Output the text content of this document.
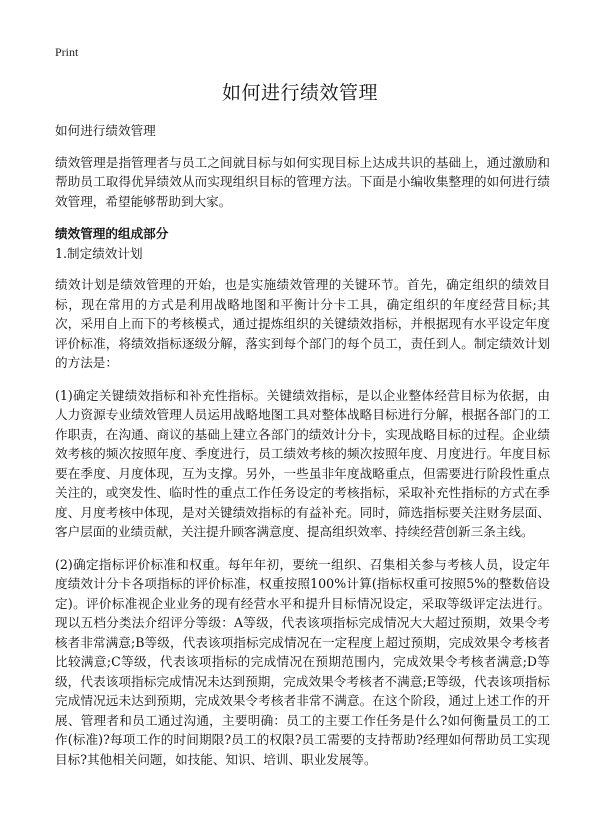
Print
如何进行绩效管理

如何进行绩效管理

绩效管理是指管理者与员工之间就目标与如何实现目标上达成共识的基础上，通过激励和帮助员工取得优异绩效从而实现组织目标的管理方法。下面是小编收集整理的如何进行绩效管理，希望能够帮助到大家。

绩效管理的组成部分

1.制定绩效计划

绩效计划是绩效管理的开始，也是实施绩效管理的关键环节。首先，确定组织的绩效目标，现在常用的方式是利用战略地图和平衡计分卡工具，确定组织的年度经营目标;其次，采用自上而下的考核模式，通过提炼组织的关键绩效指标，并根据现有水平设定年度评价标准，将绩效指标逐级分解，落实到每个部门的每个员工，责任到人。制定绩效计划的方法是：

(1)确定关键绩效指标和补充性指标。关键绩效指标，是以企业整体经营目标为依据，由人力资源专业绩效管理人员运用战略地图工具对整体战略目标进行分解，根据各部门的工作职责，在沟通、商议的基础上建立各部门的绩效计分卡，实现战略目标的过程。企业绩效考核的频次按照年度、季度进行，员工绩效考核的频次按照年度、月度进行。年度目标要在季度、月度体现，互为支撑。另外，一些虽非年度战略重点，但需要进行阶段性重点关注的，或突发性、临时性的重点工作任务设定的考核指标，采取补充性指标的方式在季度、月度考核中体现，是对关键绩效指标的有益补充。同时，筛选指标要关注财务层面、客户层面的业绩贡献，关注提升顾客满意度、提高组织效率、持续经营创新三条主线。

(2)确定指标评价标准和权重。每年年初，要统一组织、召集相关参与考核人员，设定年度绩效计分卡各项指标的评价标准，权重按照100%计算(指标权重可按照5%的整数倍设定)。评价标准视企业业务的现有经营水平和提升目标情况设定，采取等级评定法进行。现以五档分类法介绍评分等级：A等级，代表该项指标完成情况大大超过预期，效果令考核者非常满意;B等级，代表该项指标完成情况在一定程度上超过预期，完成效果令考核者比较满意;C等级，代表该项指标的完成情况在预期范围内，完成效果令考核者满意;D等级，代表该项指标完成情况未达到预期，完成效果令考核者不满意;E等级，代表该项指标完成情况远未达到预期，完成效果令考核者非常不满意。在这个阶段，通过上述工作的开展、管理者和员工通过沟通，主要明确：员工的主要工作任务是什么?如何衡量员工的工作(标准)?每项工作的时间期限?员工的权限?员工需要的支持帮助?经理如何帮助员工实现目标?其他相关问题，如技能、知识、培训、职业发展等。
